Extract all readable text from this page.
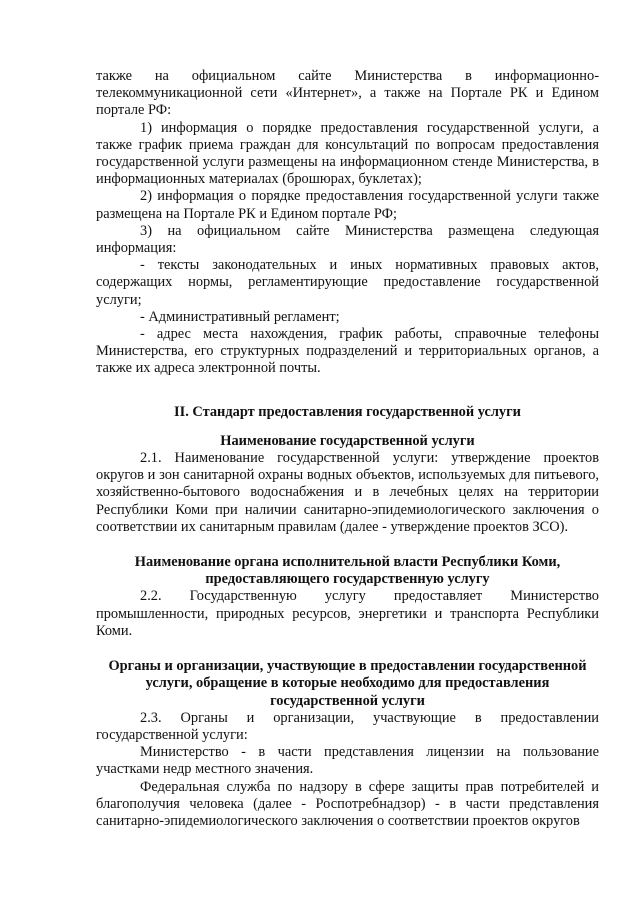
также на официальном сайте Министерства в информационно-телекоммуникационной сети «Интернет», а также на Портале РК и Едином портале РФ:

1) информация о порядке предоставления государственной услуги, а также график приема граждан для консультаций по вопросам предоставления государственной услуги размещены на информационном стенде Министерства, в информационных материалах (брошюрах, буклетах);

2) информация о порядке предоставления государственной услуги также размещена на Портале РК и Едином портале РФ;

3) на официальном сайте Министерства размещена следующая информация:

- тексты законодательных и иных нормативных правовых актов, содержащих нормы, регламентирующие предоставление государственной услуги;

- Административный регламент;

- адрес места нахождения, график работы, справочные телефоны Министерства, его структурных подразделений и территориальных органов, а также их адреса электронной почты.

II. Стандарт предоставления государственной услуги
Наименование государственной услуги

2.1. Наименование государственной услуги: утверждение проектов округов и зон санитарной охраны водных объектов, используемых для питьевого, хозяйственно-бытового водоснабжения и в лечебных целях на территории Республики Коми при наличии санитарно-эпидемиологического заключения о соответствии их санитарным правилам (далее - утверждение проектов ЗСО).

Наименование органа исполнительной власти Республики Коми, предоставляющего государственную услугу

2.2. Государственную услугу предоставляет Министерство промышленности, природных ресурсов, энергетики и транспорта Республики Коми.

Органы и организации, участвующие в предоставлении государственной услуги, обращение в которые необходимо для предоставления государственной услуги

2.3. Органы и организации, участвующие в предоставлении государственной услуги:

Министерство - в части представления лицензии на пользование участками недр местного значения.

Федеральная служба по надзору в сфере защиты прав потребителей и благополучия человека (далее - Роспотребнадзор) - в части представления санитарно-эпидемиологического заключения о соответствии проектов округов
